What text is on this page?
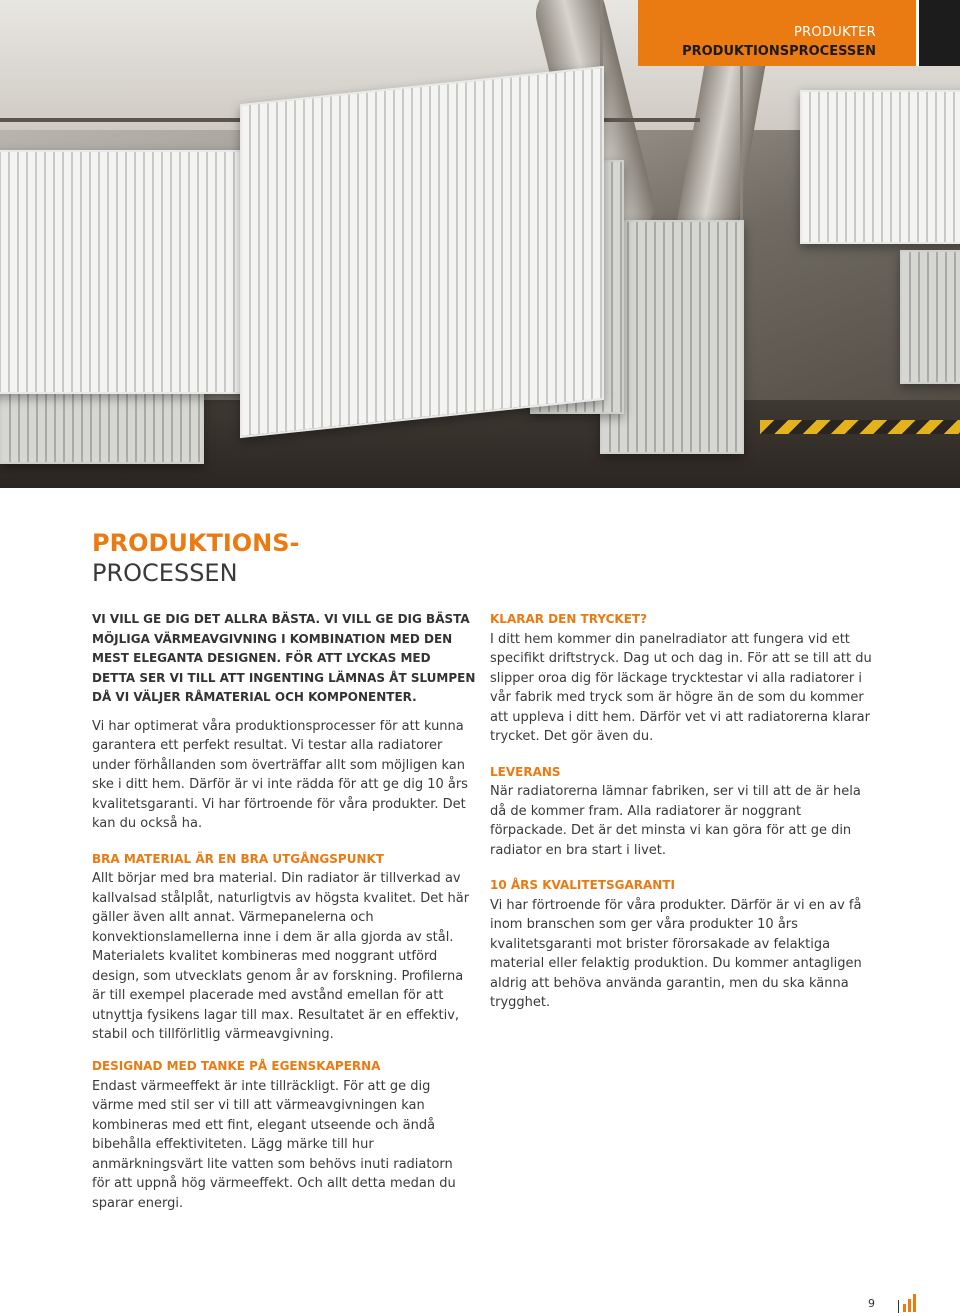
PRODUKTER

PRODUKTIONSPROCESSEN

PRODUKTIONS-
PROCESSEN

VI VILL GE DIG DET ALLRA BÄSTA. VI VILL GE DIG BÄSTA MÖJLIGA VÄRMEAVGIVNING I KOMBINATION MED DEN MEST ELEGANTA DESIGNEN. FÖR ATT LYCKAS MED DETTA SER VI TILL ATT INGENTING LÄMNAS ÅT SLUMPEN DÅ VI VÄLJER RÅMATERIAL OCH KOMPONENTER.

Vi har optimerat våra produktionsprocesser för att kunna garantera ett perfekt resultat. Vi testar alla radiatorer under förhållanden som överträffar allt som möjligen kan ske i ditt hem. Därför är vi inte rädda för att ge dig 10 års kvalitetsgaranti. Vi har förtroende för våra produkter. Det kan du också ha.

BRA MATERIAL ÄR EN BRA UTGÅNGSPUNKT

Allt börjar med bra material. Din radiator är tillverkad av kallvalsad stålplåt, naturligtvis av högsta kvalitet. Det här gäller även allt annat. Värmepanelerna och konvektionslamellerna inne i dem är alla gjorda av stål. Materialets kvalitet kombineras med noggrant utförd design, som utvecklats genom år av forskning. Profilerna är till exempel placerade med avstånd emellan för att utnyttja fysikens lagar till max. Resultatet är en effektiv, stabil och tillförlitlig värmeavgivning.

DESIGNAD MED TANKE PÅ EGENSKAPERNA

Endast värmeeffekt är inte tillräckligt. För att ge dig värme med stil ser vi till att värmeavgivningen kan kombineras med ett fint, elegant utseende och ändå bibehålla effektiviteten. Lägg märke till hur anmärkningsvärt lite vatten som behövs inuti radiatorn för att uppnå hög värmeeffekt. Och allt detta medan du sparar energi.

KLARAR DEN TRYCKET?

I ditt hem kommer din panelradiator att fungera vid ett specifikt driftstryck. Dag ut och dag in. För att se till att du slipper oroa dig för läckage trycktestar vi alla radiatorer i vår fabrik med tryck som är högre än de som du kommer att uppleva i ditt hem. Därför vet vi att radiatorerna klarar trycket. Det gör även du.

LEVERANS

När radiatorerna lämnar fabriken, ser vi till att de är hela då de kommer fram. Alla radiatorer är noggrant förpackade. Det är det minsta vi kan göra för att ge din radiator en bra start i livet.

10 ÅRS KVALITETSGARANTI

Vi har förtroende för våra produkter. Därför är vi en av få inom branschen som ger våra produkter 10 års kvalitetsgaranti mot brister förorsakade av felaktiga material eller felaktig produktion. Du kommer antagligen aldrig att behöva använda garantin, men du ska känna trygghet.

9
